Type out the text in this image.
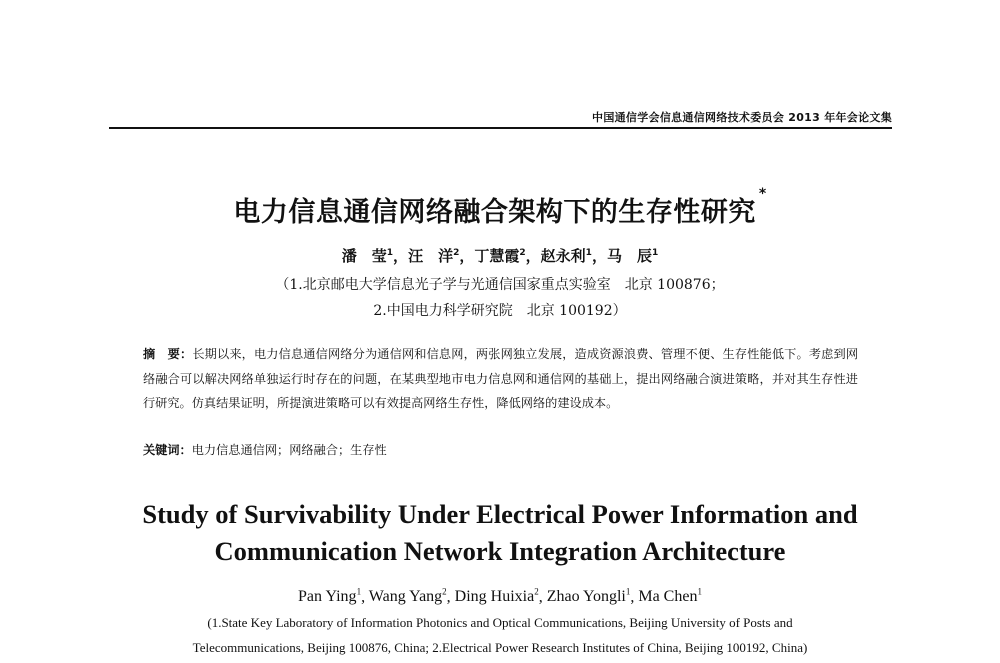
中国通信学会信息通信网络技术委员会 2013 年年会论文集
电力信息通信网络融合架构下的生存性研究*
潘　莹$^1$，汪　洋$^2$，丁慧霞$^2$，赵永利$^1$，马　辰$^1$
（1.北京邮电大学信息光子学与光通信国家重点实验室　北京 100876；
2.中国电力科学研究院　北京 100192）
摘　要：长期以来，电力信息通信网络分为通信网和信息网，两张网独立发展，造成资源浪费、管理不便、生存性能低下。考虑到网络融合可以解决网络单独运行时存在的问题，在某典型地市电力信息网和通信网的基础上，提出网络融合演进策略，并对其生存性进行研究。仿真结果证明，所提演进策略可以有效提高网络生存性，降低网络的建设成本。
关键词：电力信息通信网；网络融合；生存性
Study of Survivability Under Electrical Power Information and
Communication Network Integration Architecture
Pan Ying$^1$, Wang Yang$^2$, Ding Huixia$^2$, Zhao Yongli$^1$, Ma Chen$^1$
(1.State Key Laboratory of Information Photonics and Optical Communications, Beijing University of Posts and
Telecommunications, Beijing 100876, China; 2.Electrical Power Research Institutes of China, Beijing 100192, China)
